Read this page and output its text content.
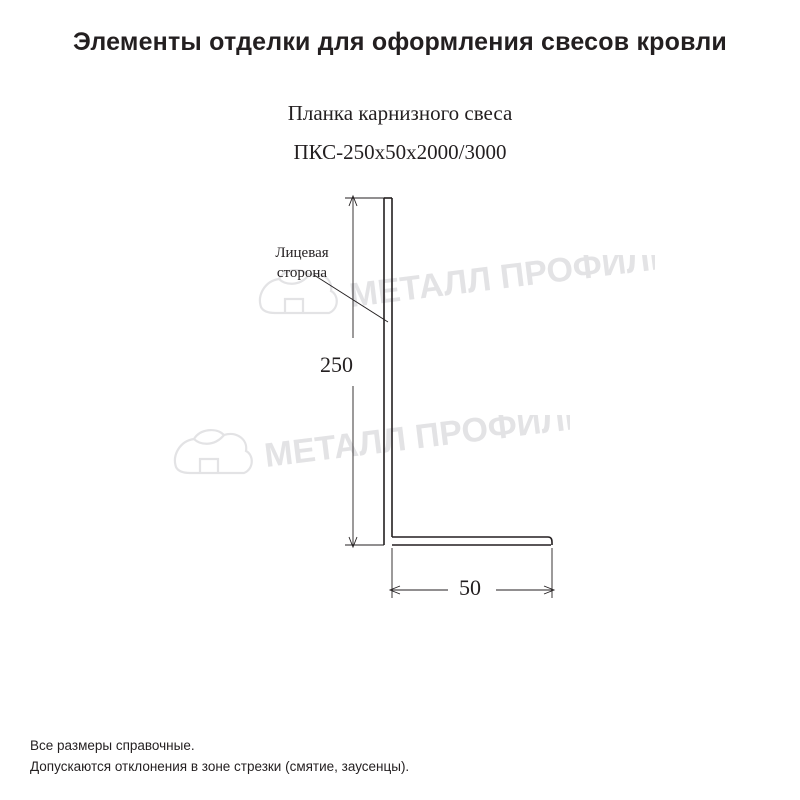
Элементы отделки для оформления свесов кровли
Планка карнизного свеса
ПКС-250x50x2000/3000
МЕТАЛЛ ПРОФИЛЬ
МЕТАЛЛ ПРОФИЛЬ
Лицевая
сторона
250
50
Все размеры справочные.
Допускаются отклонения в зоне стрезки (смятие, заусенцы).
